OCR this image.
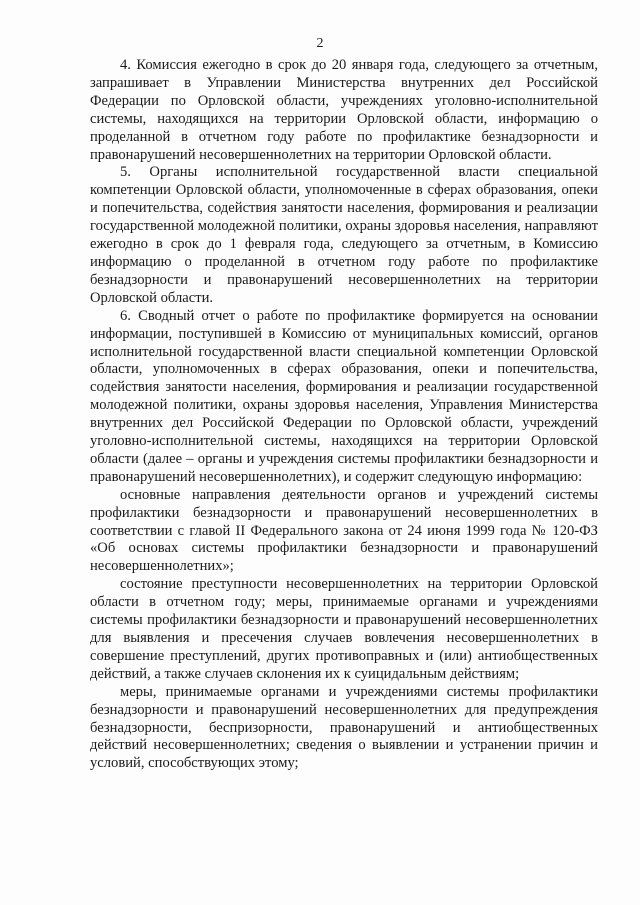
2

4. Комиссия ежегодно в срок до 20 января года, следующего за отчетным, запрашивает в Управлении Министерства внутренних дел Российской Федерации по Орловской области, учреждениях уголовно-исполнительной системы, находящихся на территории Орловской области, информацию о проделанной в отчетном году работе по профилактике безнадзорности и правонарушений несовершеннолетних на территории Орловской области.

5. Органы исполнительной государственной власти специальной компетенции Орловской области, уполномоченные в сферах образования, опеки и попечительства, содействия занятости населения, формирования и реализации государственной молодежной политики, охраны здоровья населения, направляют ежегодно в срок до 1 февраля года, следующего за отчетным, в Комиссию информацию о проделанной в отчетном году работе по профилактике безнадзорности и правонарушений несовершеннолетних на территории Орловской области.

6. Сводный отчет о работе по профилактике формируется на основании информации, поступившей в Комиссию от муниципальных комиссий, органов исполнительной государственной власти специальной компетенции Орловской области, уполномоченных в сферах образования, опеки и попечительства, содействия занятости населения, формирования и реализации государственной молодежной политики, охраны здоровья населения, Управления Министерства внутренних дел Российской Федерации по Орловской области, учреждений уголовно-исполнительной системы, находящихся на территории Орловской области (далее – органы и учреждения системы профилактики безнадзорности и правонарушений несовершеннолетних), и содержит следующую информацию:

основные направления деятельности органов и учреждений системы профилактики безнадзорности и правонарушений несовершеннолетних в соответствии с главой II Федерального закона от 24 июня 1999 года № 120-ФЗ «Об основах системы профилактики безнадзорности и правонарушений несовершеннолетних»;

состояние преступности несовершеннолетних на территории Орловской области в отчетном году; меры, принимаемые органами и учреждениями системы профилактики безнадзорности и правонарушений несовершеннолетних для выявления и пресечения случаев вовлечения несовершеннолетних в совершение преступлений, других противоправных и (или) антиобщественных действий, а также случаев склонения их к суицидальным действиям;

меры, принимаемые органами и учреждениями системы профилактики безнадзорности и правонарушений несовершеннолетних для предупреждения безнадзорности, беспризорности, правонарушений и антиобщественных действий несовершеннолетних; сведения о выявлении и устранении причин и условий, способствующих этому;
